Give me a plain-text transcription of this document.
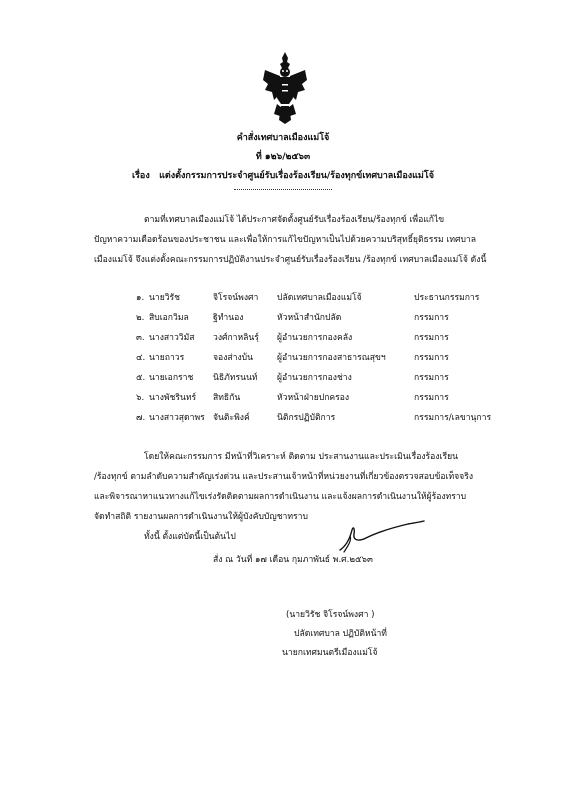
คำสั่งเทศบาลเมืองแม่โจ้
ที่ ๑๒๖/๒๕๖๓
เรื่อง แต่งตั้งกรรมการประจำศูนย์รับเรื่องร้องเรียน/ร้องทุกข์เทศบาลเมืองแม่โจ้
ตามที่เทศบาลเมืองแม่โจ้ ได้ประกาศจัดตั้งศูนย์รับเรื่องร้องเรียน/ร้องทุกข์ เพื่อแก้ไข
ปัญหาความเดือดร้อนของประชาชน และเพื่อให้การแก้ไขปัญหาเป็นไปด้วยความบริสุทธิ์ยุติธรรม เทศบาล
เมืองแม่โจ้ จึงแต่งตั้งคณะกรรมการปฏิบัติงานประจำศูนย์รับเรื่องร้องเรียน /ร้องทุกข์ เทศบาลเมืองแม่โจ้ ดังนี้
๑. นายวิรัช	จิโรจน์พงศา ปลัดเทศบาลเมืองแม่โจ้	ประธานกรรมการ
๒. สิบเอกวิมล	ฐิทำนอง	หัวหน้าสำนักปลัด	กรรมการ
๓. นางสาววิมัส วงศ์กาหลินรุ์ ผู้อำนวยการกองคลัง	กรรมการ
๔. นายถาวร	จองส่างบ้น	ผู้อำนวยการกองสาธารณสุขฯ	กรรมการ
๕. นายเอกราช นิธิภัทรนนท์ ผู้อำนวยการกองช่าง	กรรมการ
๖. นางพัชรินทร์ สิทธิกัน	หัวหน้าฝ่ายปกครอง	กรรมการ
๗. นางสาวสุดาพร จันติะพิงค์	นิติกรปฏิบัติการ	กรรมการ/เลขานุการ
โดยให้คณะกรรมการ มีหน้าที่วิเคราะห์ ติดตาม ประสานงานและประเมินเรื่องร้องเรียน
/ร้องทุกข์ ตามลำดับความสำคัญเร่งด่วน และประสานเจ้าหน้าที่หน่วยงานที่เกี่ยวข้องตรวจสอบข้อเท็จจริง
และพิจารณาหาแนวทางแก้ไขเร่งรัดติดตามผลการดำเนินงาน และแจ้งผลการดำเนินงานให้ผู้ร้องทราบ
จัดทำสถิติ รายงานผลการดำเนินงานให้ผู้บังคับบัญชาทราบ
ทั้งนี้ ตั้งแต่บัดนี้เป็นต้นไป
สั่ง ณ วันที่ ๑๗ เดือน กุมภาพันธ์ พ.ศ.๒๕๖๓
(นายวิรัช จิโรจน์พงศา )
ปลัดเทศบาล ปฏิบัติหน้าที่
นายกเทศมนตรีเมืองแม่โจ้
